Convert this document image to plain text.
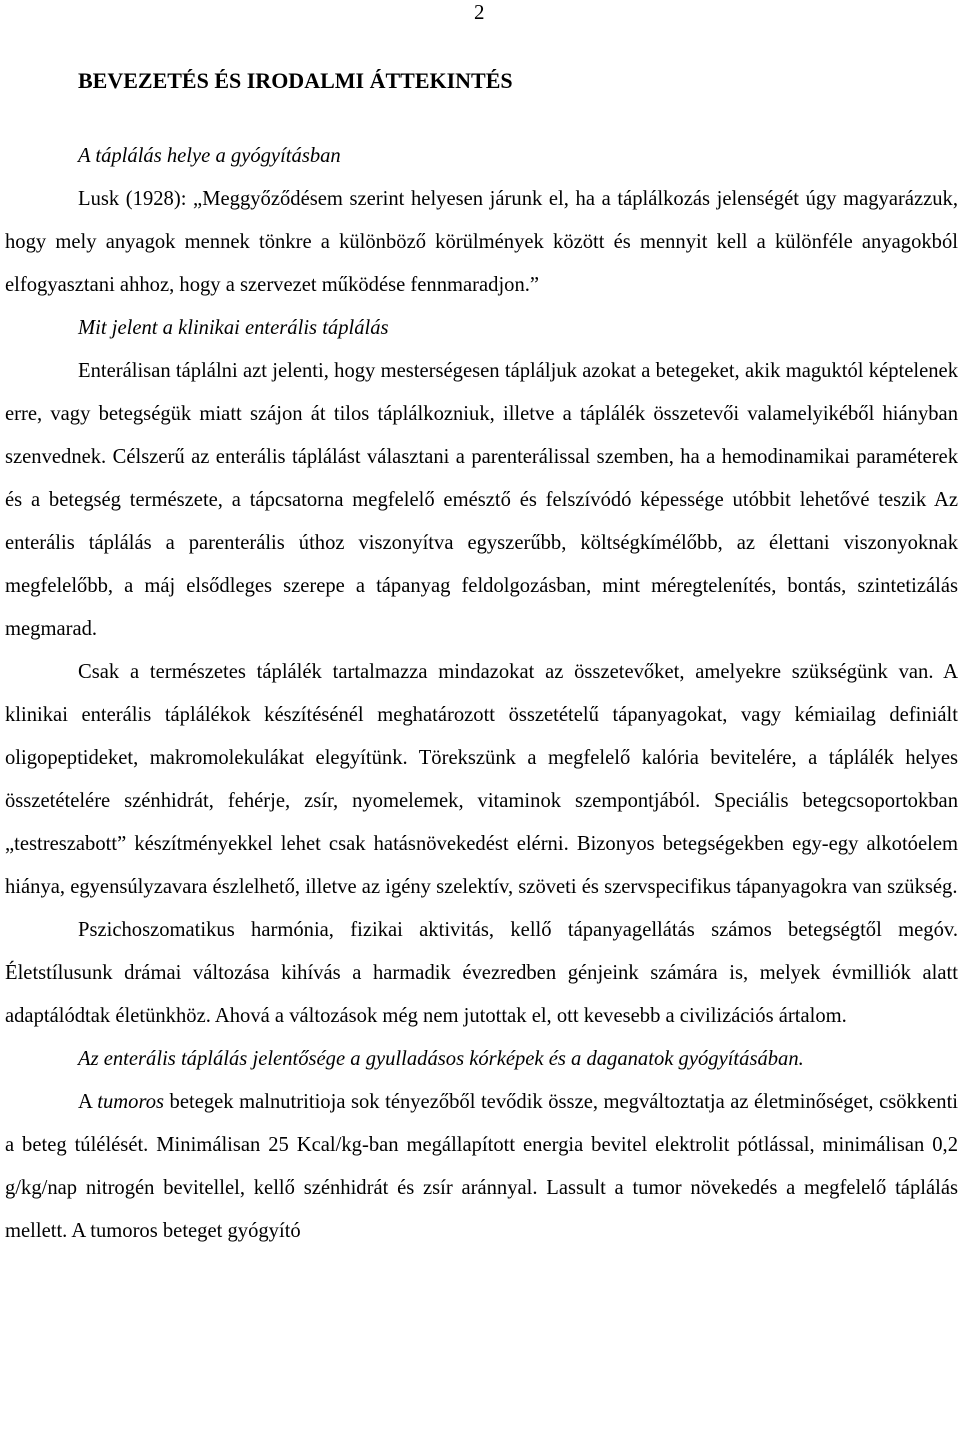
2
BEVEZETÉS ÉS IRODALMI ÁTTEKINTÉS

A táplálás helye a gyógyításban

Lusk (1928): „Meggyőződésem szerint helyesen járunk el, ha a táplálkozás jelenségét úgy magyarázzuk, hogy mely anyagok mennek tönkre a különböző körülmények között és mennyit kell a különféle anyagokból elfogyasztani ahhoz, hogy a szervezet működése fennmaradjon.”

Mit jelent a klinikai enterális táplálás

Enterálisan táplálni azt jelenti, hogy mesterségesen tápláljuk azokat a betegeket, akik maguktól képtelenek erre, vagy betegségük miatt szájon át tilos táplálkozniuk, illetve a táplálék összetevői valamelyikéből hiányban szenvednek. Célszerű az enterális táplálást választani a parenterálissal szemben, ha a hemodinamikai paraméterek és a betegség természete, a tápcsatorna megfelelő emésztő és felszívódó képessége utóbbit lehetővé teszik Az enterális táplálás a parenterális úthoz viszonyítva egyszerűbb, költségkímélőbb, az élettani viszonyoknak megfelelőbb, a máj elsődleges szerepe a tápanyag feldolgozásban, mint méregtelenítés, bontás, szintetizálás megmarad.

Csak a természetes táplálék tartalmazza mindazokat az összetevőket, amelyekre szükségünk van. A klinikai enterális táplálékok készítésénél meghatározott összetételű tápanyagokat, vagy kémiailag definiált oligopeptideket, makromolekulákat elegyítünk. Törekszünk a megfelelő kalória bevitelére, a táplálék helyes összetételére szénhidrát, fehérje, zsír, nyomelemek, vitaminok szempontjából. Speciális betegcsoportokban „testreszabott” készítményekkel lehet csak hatásnövekedést elérni. Bizonyos betegségekben egy-egy alkotóelem hiánya, egyensúlyzavara észlelhető, illetve az igény szelektív, szöveti és szervspecifikus tápanyagokra van szükség.

Pszichoszomatikus harmónia, fizikai aktivitás, kellő tápanyagellátás számos betegségtől megóv. Életstílusunk drámai változása kihívás a harmadik évezredben génjeink számára is, melyek évmilliók alatt adaptálódtak életünkhöz. Ahová a változások még nem jutottak el, ott kevesebb a civilizációs ártalom.

Az enterális táplálás jelentősége a gyulladásos kórképek és a daganatok gyógyításában.

A tumoros betegek malnutritioja sok tényezőből tevődik össze, megváltoztatja az életminőséget, csökkenti a beteg túlélését. Minimálisan 25 Kcal/kg-ban megállapított energia bevitel elektrolit pótlással, minimálisan 0,2 g/kg/nap nitrogén bevitellel, kellő szénhidrát és zsír aránnyal. Lassult a tumor növekedés a megfelelő táplálás mellett. A tumoros beteget gyógyító
